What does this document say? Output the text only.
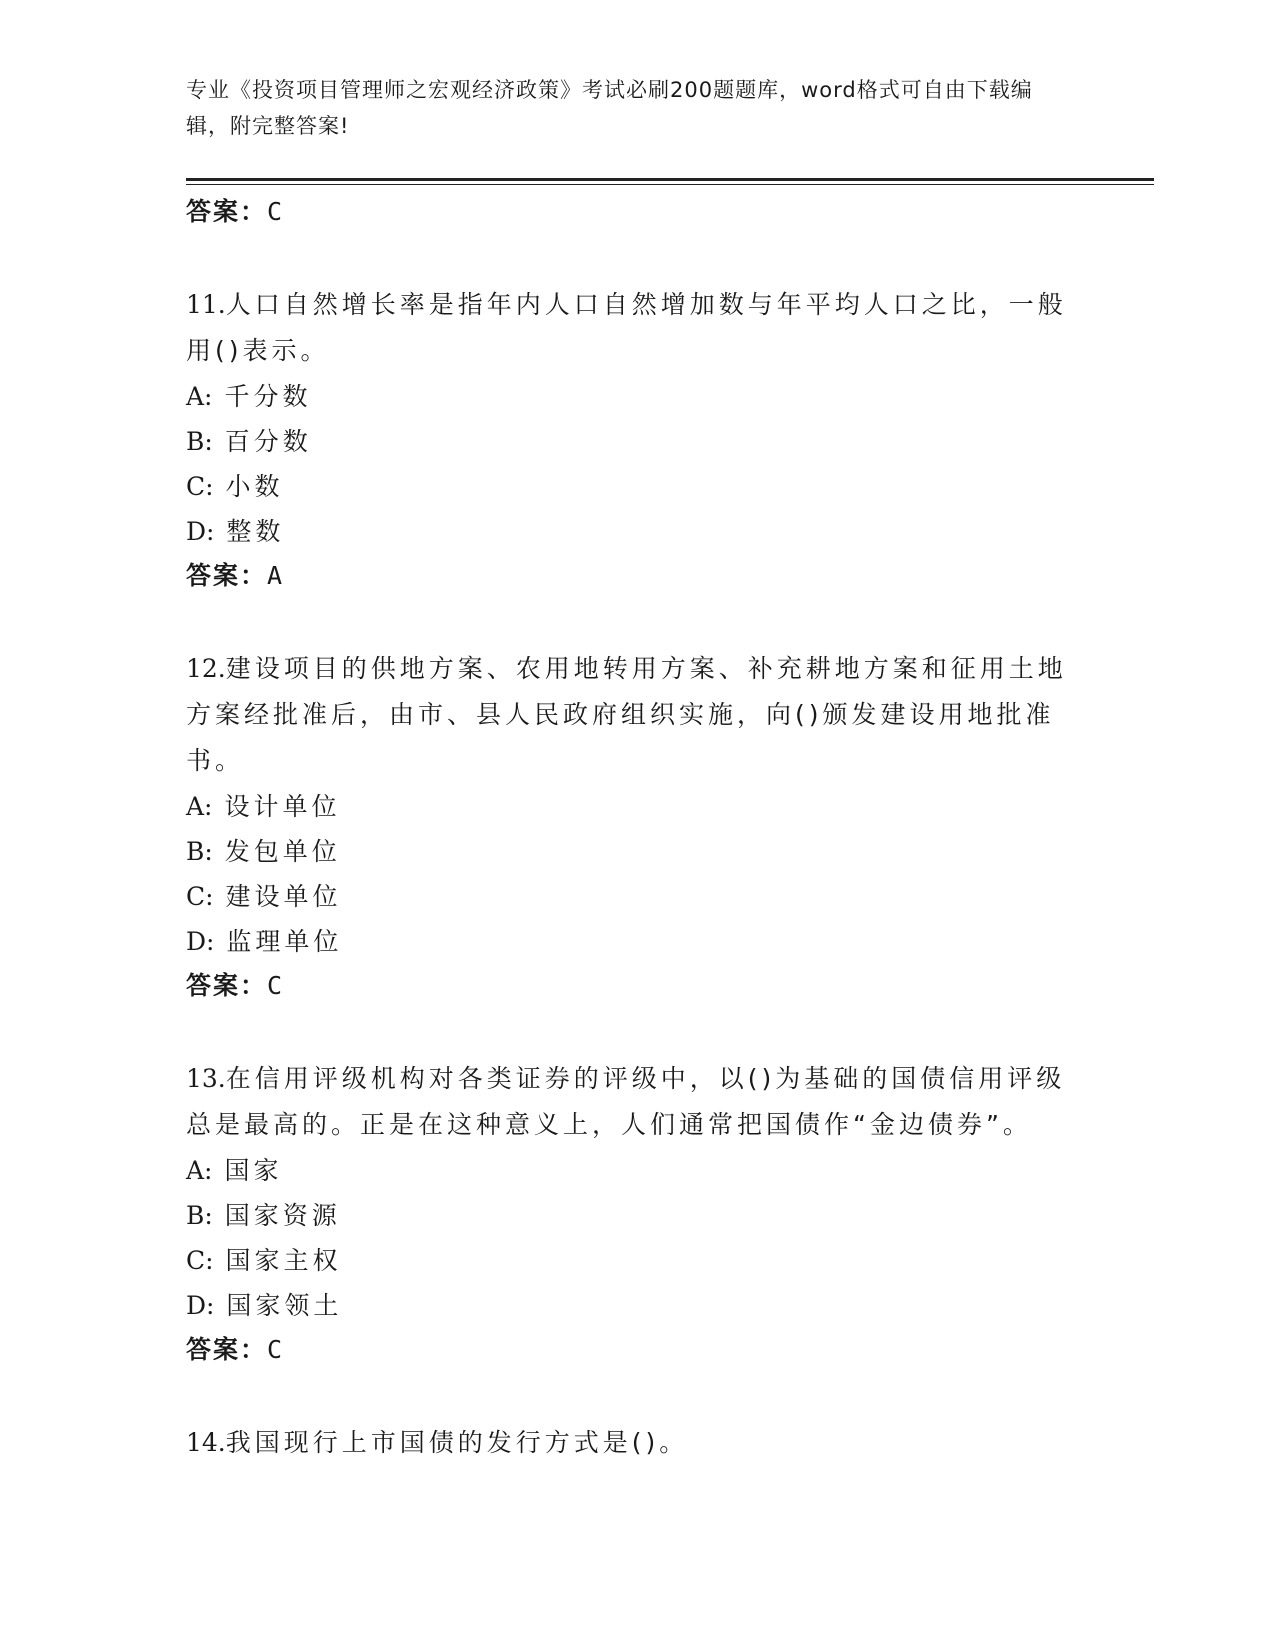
专业《投资项目管理师之宏观经济政策》考试必刷200题题库，word格式可自由下载编辑，附完整答案!
答案：C

11.人口自然增长率是指年内人口自然增加数与年平均人口之比，一般用()表示。

A: 千分数
B: 百分数
C: 小数
D: 整数
答案：A

12.建设项目的供地方案、农用地转用方案、补充耕地方案和征用土地方案经批准后，由市、县人民政府组织实施，向()颁发建设用地批准书。

A: 设计单位
B: 发包单位
C: 建设单位
D: 监理单位
答案：C

13.在信用评级机构对各类证券的评级中，以()为基础的国债信用评级总是最高的。正是在这种意义上，人们通常把国债作“金边债券”。

A: 国家
B: 国家资源
C: 国家主权
D: 国家领土
答案：C

14.我国现行上市国债的发行方式是()。
